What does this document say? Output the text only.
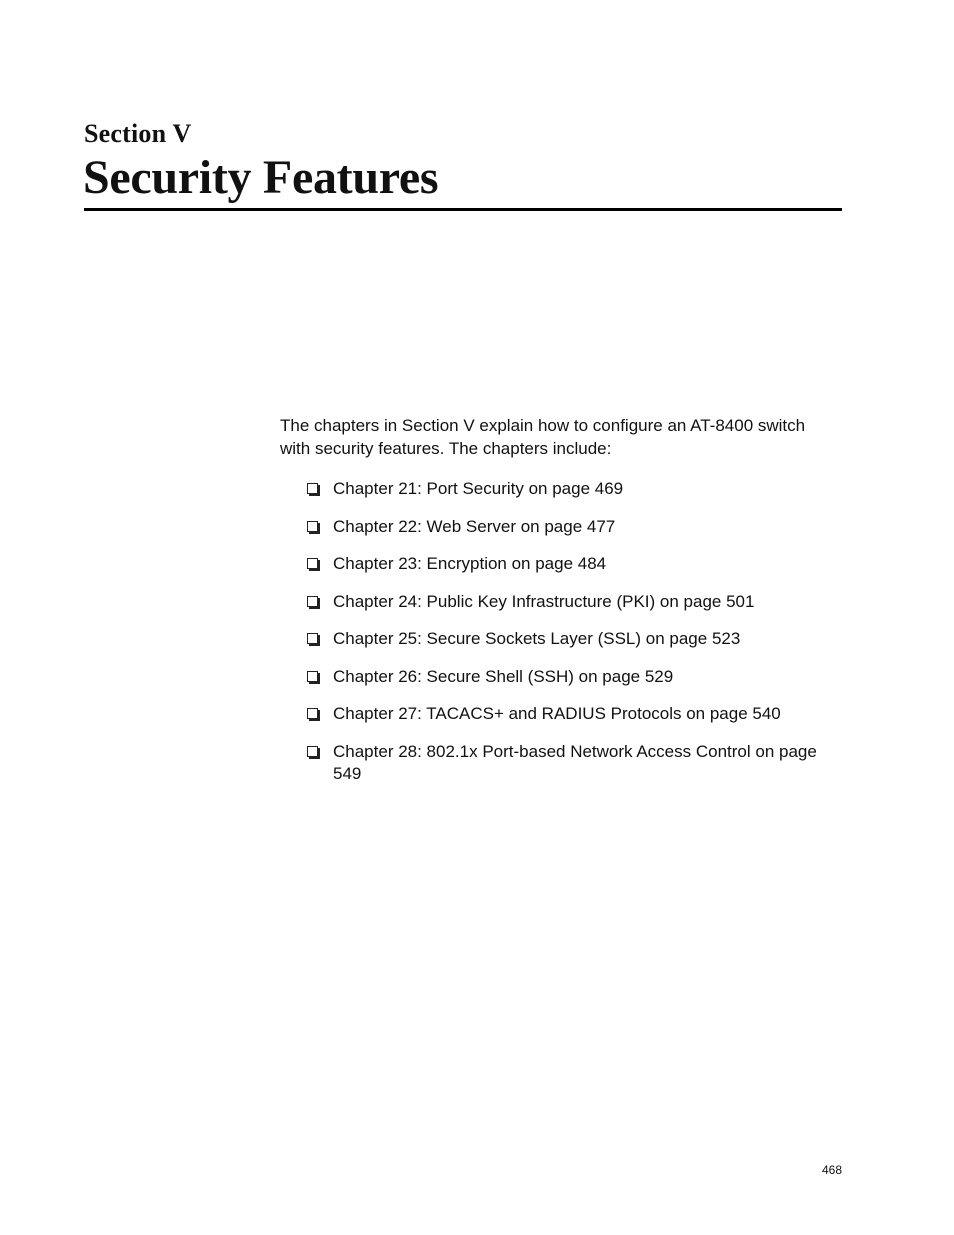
Section V
Security Features

The chapters in Section V explain how to configure an AT-8400 switch with security features. The chapters include:

Chapter 21: Port Security on page 469
Chapter 22: Web Server on page 477
Chapter 23: Encryption on page 484
Chapter 24: Public Key Infrastructure (PKI) on page 501
Chapter 25: Secure Sockets Layer (SSL) on page 523
Chapter 26: Secure Shell (SSH) on page 529
Chapter 27: TACACS+ and RADIUS Protocols on page 540
Chapter 28: 802.1x Port-based Network Access Control on page 549
468
